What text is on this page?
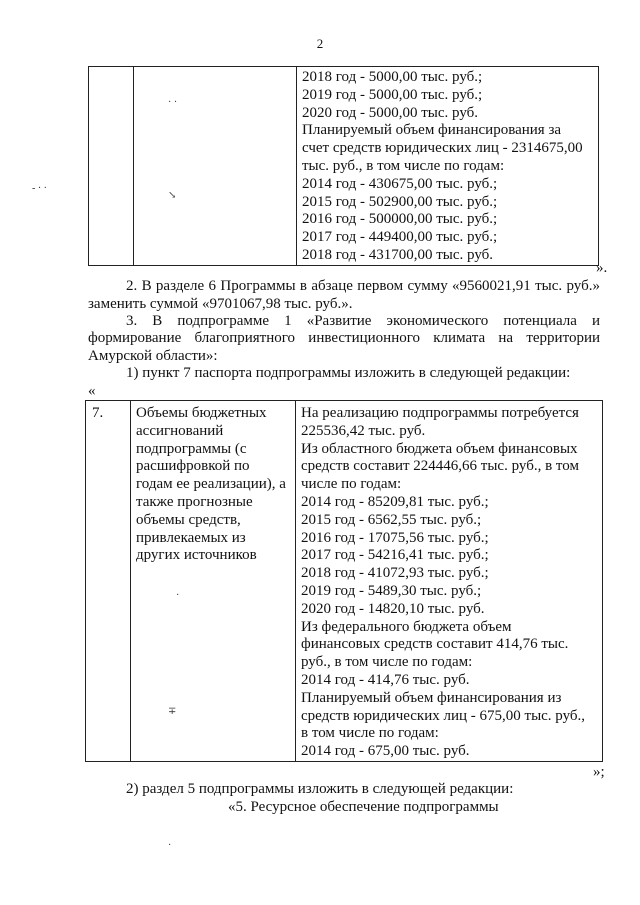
2

2018 год - 5000,00 тыс. руб.;
2019 год - 5000,00 тыс. руб.;
2020 год - 5000,00 тыс. руб.
Планируемый объем финансирования за
счет средств юридических лиц - 2314675,00
тыс. руб., в том числе по годам:
2014 год - 430675,00 тыс. руб.;
2015 год - 502900,00 тыс. руб.;
2016 год - 500000,00 тыс. руб.;
2017 год - 449400,00 тыс. руб.;
2018 год - 431700,00 тыс. руб.
».
2. В разделе 6 Программы в абзаце первом сумму «9560021,91 тыс. руб.»
заменить суммой «9701067,98 тыс. руб.».
3. В подпрограмме 1 «Развитие экономического потенциала и
формирование благоприятного инвестиционного климата на территории
Амурской области»:
1) пункт 7 паспорта подпрограммы изложить в следующей редакции:
«
7.	Объемы бюджетных
ассигнований
подпрограммы (с
расшифровкой по
годам ее реализации), а
также прогнозные
объемы средств,
привлекаемых из
других источников

На реализацию подпрограммы потребуется
225536,42 тыс. руб.
Из областного бюджета объем финансовых
средств составит 224446,66 тыс. руб., в том
числе по годам:
2014 год - 85209,81 тыс. руб.;
2015 год - 6562,55 тыс. руб.;
2016 год - 17075,56 тыс. руб.;
2017 год - 54216,41 тыс. руб.;
2018 год - 41072,93 тыс. руб.;
2019 год - 5489,30 тыс. руб.;
2020 год - 14820,10 тыс. руб.
Из федерального бюджета объем
финансовых средств составит 414,76 тыс.
руб., в том числе по годам:
2014 год - 414,76 тыс. руб.
Планируемый объем финансирования из
средств юридических лиц - 675,00 тыс. руб.,
в том числе по годам:
2014 год - 675,00 тыс. руб.
»;
2) раздел 5 подпрограммы изложить в следующей редакции:
«5. Ресурсное обеспечение подпрограммы
· ·
- · ·
↘
·
∓
·
